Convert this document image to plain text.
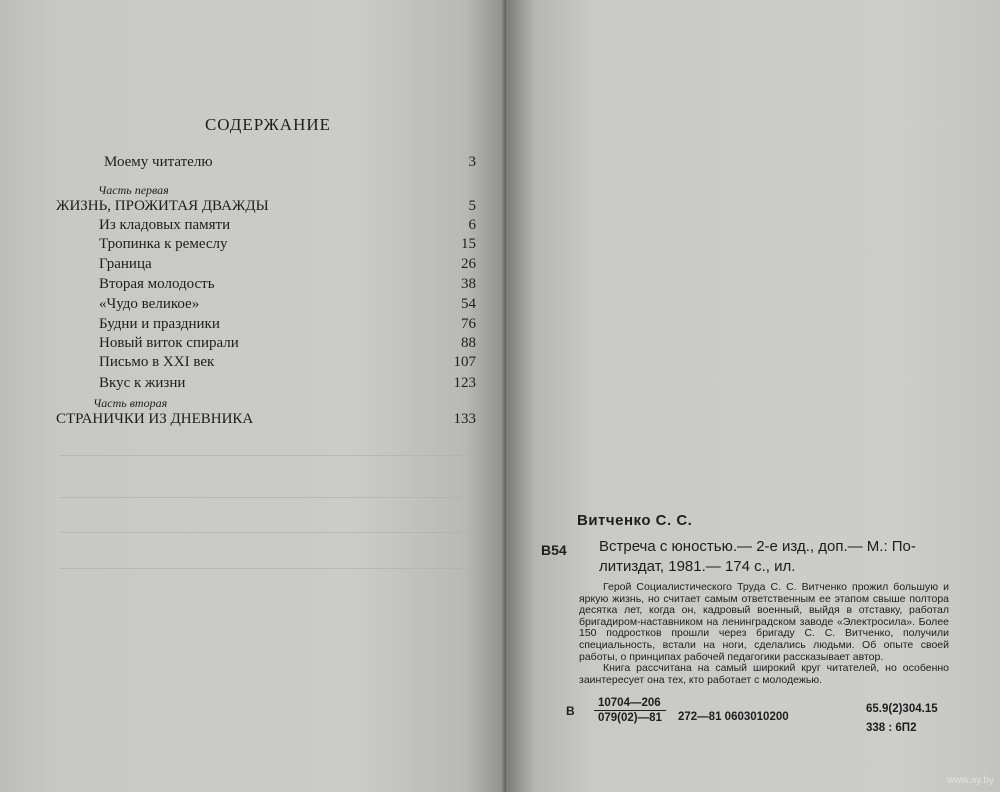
СОДЕРЖАНИЕ
Моему читателю	3
Часть первая
ЖИЗНЬ, ПРОЖИТАЯ ДВАЖДЫ	5
Из кладовых памяти	6
Тропинка к ремеслу	15
Граница	26
Вторая молодость	38
«Чудо великое»	54
Будни и праздники	76
Новый виток спирали	88
Письмо в XXI век	107
Вкус к жизни	123
Часть вторая
СТРАНИЧКИ ИЗ ДНЕВНИКА	133
Витченко С. С.
В54 Встреча с юностью.— 2-е изд., доп.— М.: По-
литиздат, 1981.— 174 с., ил.

Герой Социалистического Труда С. С. Витченко прожил большую и яркую жизнь, но считает самым ответственным ее этапом свыше полтора десятка лет, когда он, кадровый военный, выйдя в отставку, работал бригадиром-наставником на ленинградском заводе «Электросила». Более 150 подростков прошли через бригаду С. С. Витченко, получили специальность, встали на ноги, сделались людьми. Об опыте своей работы, о принципах рабочей педагогики рассказывает автор.

Книга рассчитана на самый широкий круг читателей, но особенно заинтересует она тех, кто работает с молодежью.

В $\frac{10704—206}{079(02)—81}$ 272—81 0603010200
65.9(2)304.15
338 : 6П2
www.ay.by
